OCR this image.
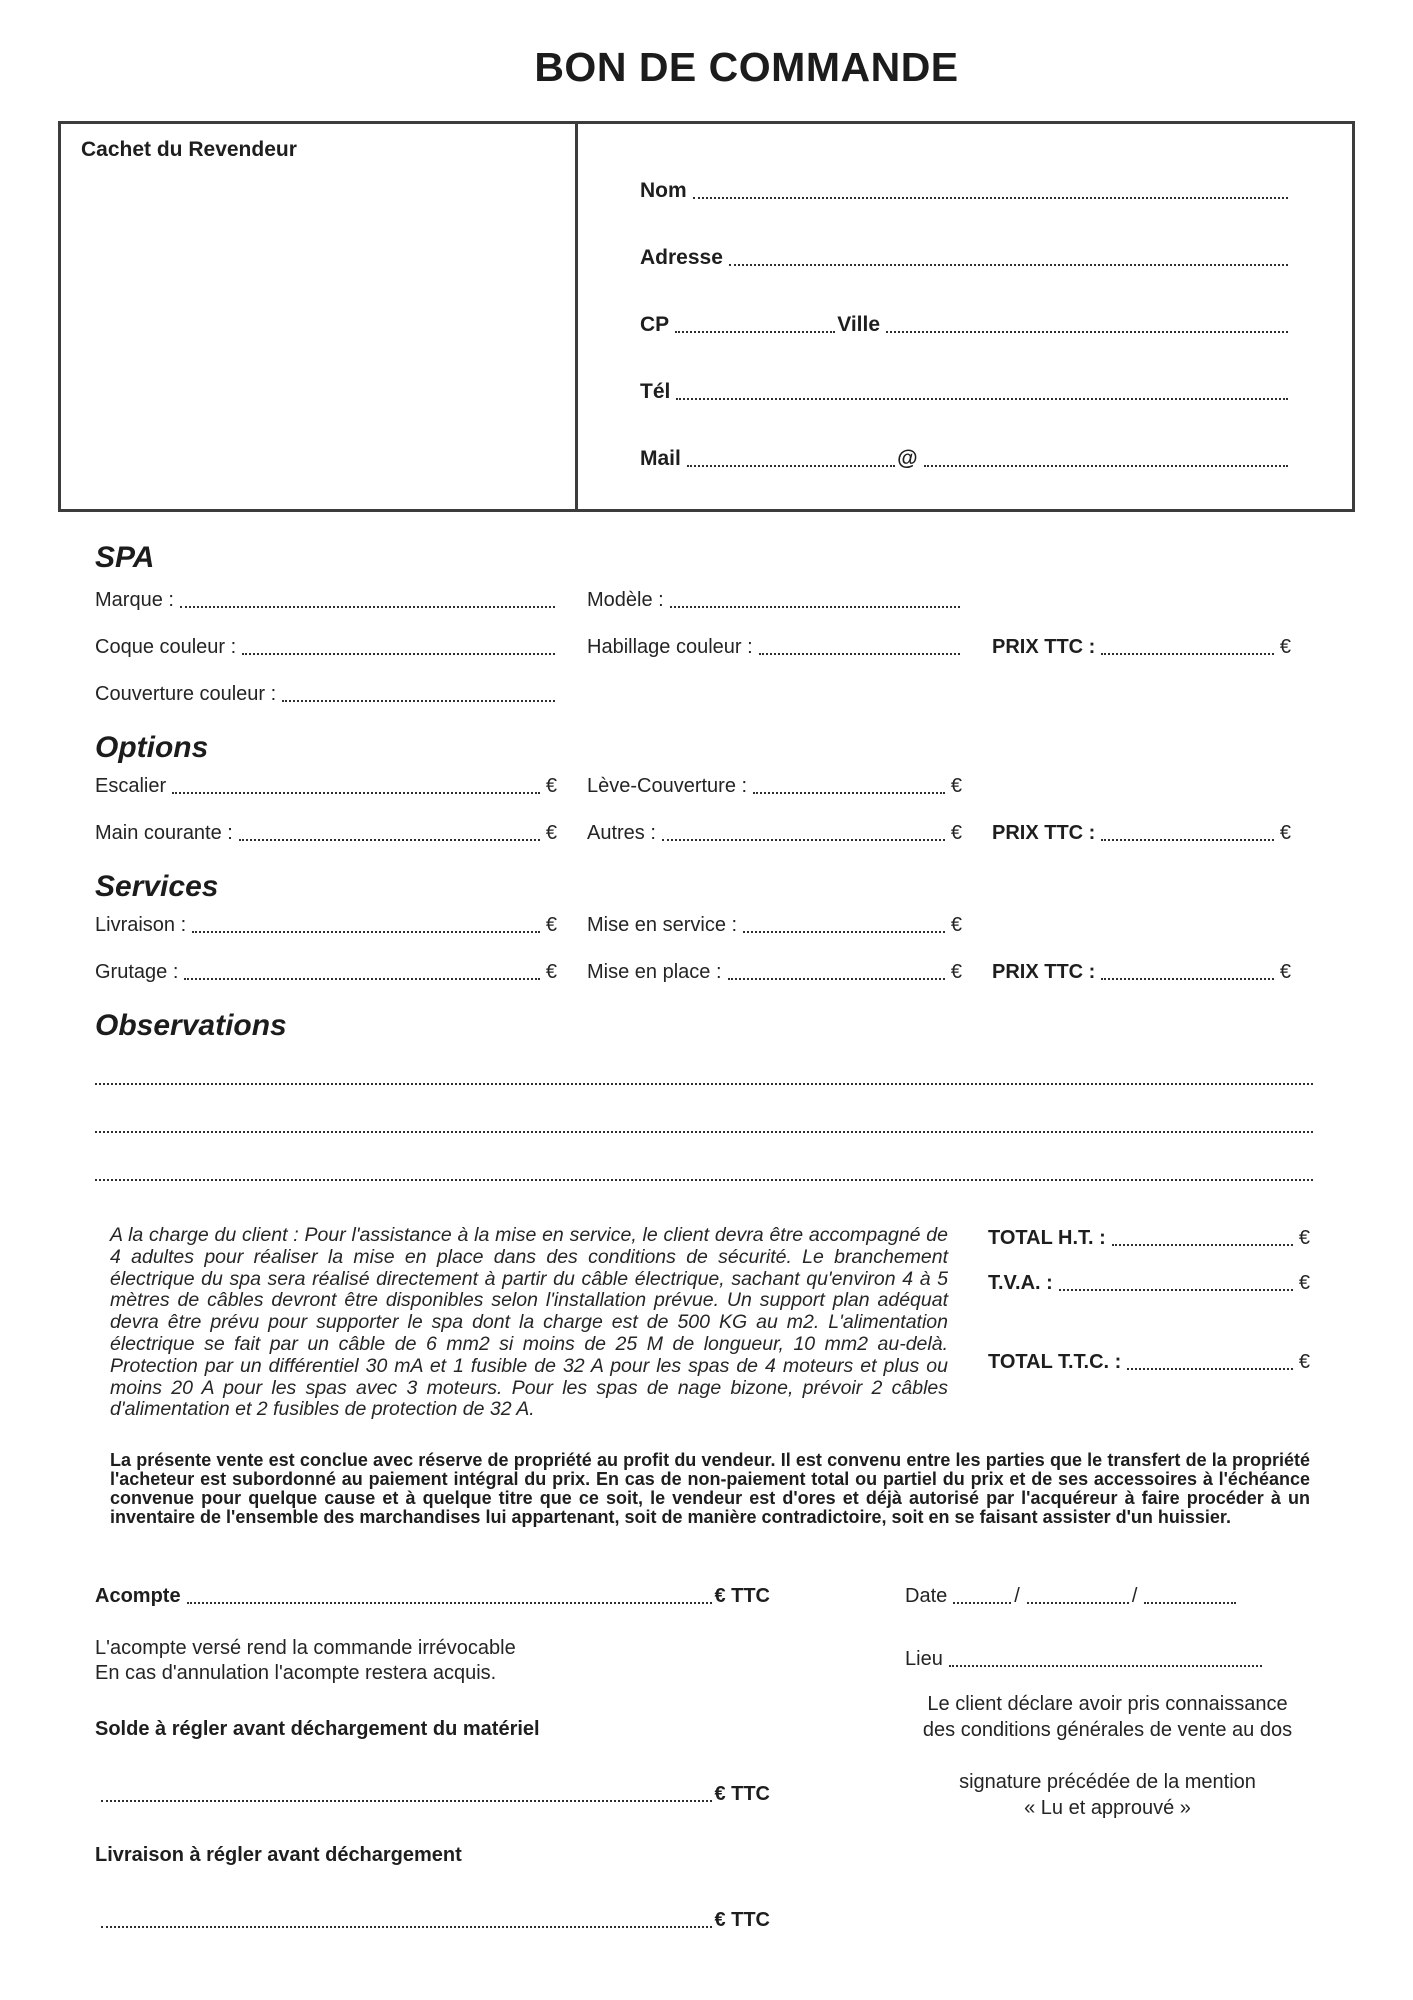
BON DE COMMANDE
Cachet du Revendeur
Nom
Adresse
CP	Ville
Tél
Mail	@
SPA
Marque :	Modèle :
Coque couleur :	Habillage couleur :	PRIX TTC :	€
Couverture couleur :
Options
Escalier	€ Lève-Couverture :	€
Main courante :	€ Autres :	€ PRIX TTC :	€
Services
Livraison :	€ Mise en service :	€
Grutage :	€ Mise en place :	€ PRIX TTC :	€
Observations

A la charge du client : Pour l'assistance à la mise en service, le client devra être accompagné de 4 adultes pour réaliser la mise en place dans des conditions de sécurité. Le branchement électrique du spa sera réalisé directement à partir du câble électrique, sachant qu'environ 4 à 5 mètres de câbles devront être disponibles selon l'installation prévue. Un support plan adéquat devra être prévu pour supporter le spa dont la charge est de 500 KG au m2. L'alimentation électrique se fait par un câble de 6 mm2 si moins de 25 M de longueur, 10 mm2 au-delà. Protection par un différentiel 30 mA et 1 fusible de 32 A pour les spas de 4 moteurs et plus ou moins 20 A pour les spas avec 3 moteurs. Pour les spas de nage bizone, prévoir 2 câbles d'alimentation et 2 fusibles de protection de 32 A.

TOTAL H.T. :	€
T.V.A. :	€
TOTAL T.T.C. :	€

La présente vente est conclue avec réserve de propriété au profit du vendeur. Il est convenu entre les parties que le transfert de la propriété l'acheteur est subordonné au paiement intégral du prix. En cas de non-paiement total ou partiel du prix et de ses accessoires à l'échéance convenue pour quelque cause et à quelque titre que ce soit, le vendeur est d'ores et déjà autorisé par l'acquéreur à faire procéder à un inventaire de l'ensemble des marchandises lui appartenant, soit de manière contradictoire, soit en se faisant assister d'un huissier.

Acompte	€ TTC
L'acompte versé rend la commande irrévocable
En cas d'annulation l'acompte restera acquis.
Solde à régler avant déchargement du matériel
€ TTC
Livraison à régler avant déchargement
€ TTC
Date	/	/
Lieu
Le client déclare avoir pris connaissance
des conditions générales de vente au dos
signature précédée de la mention
« Lu et approuvé »
